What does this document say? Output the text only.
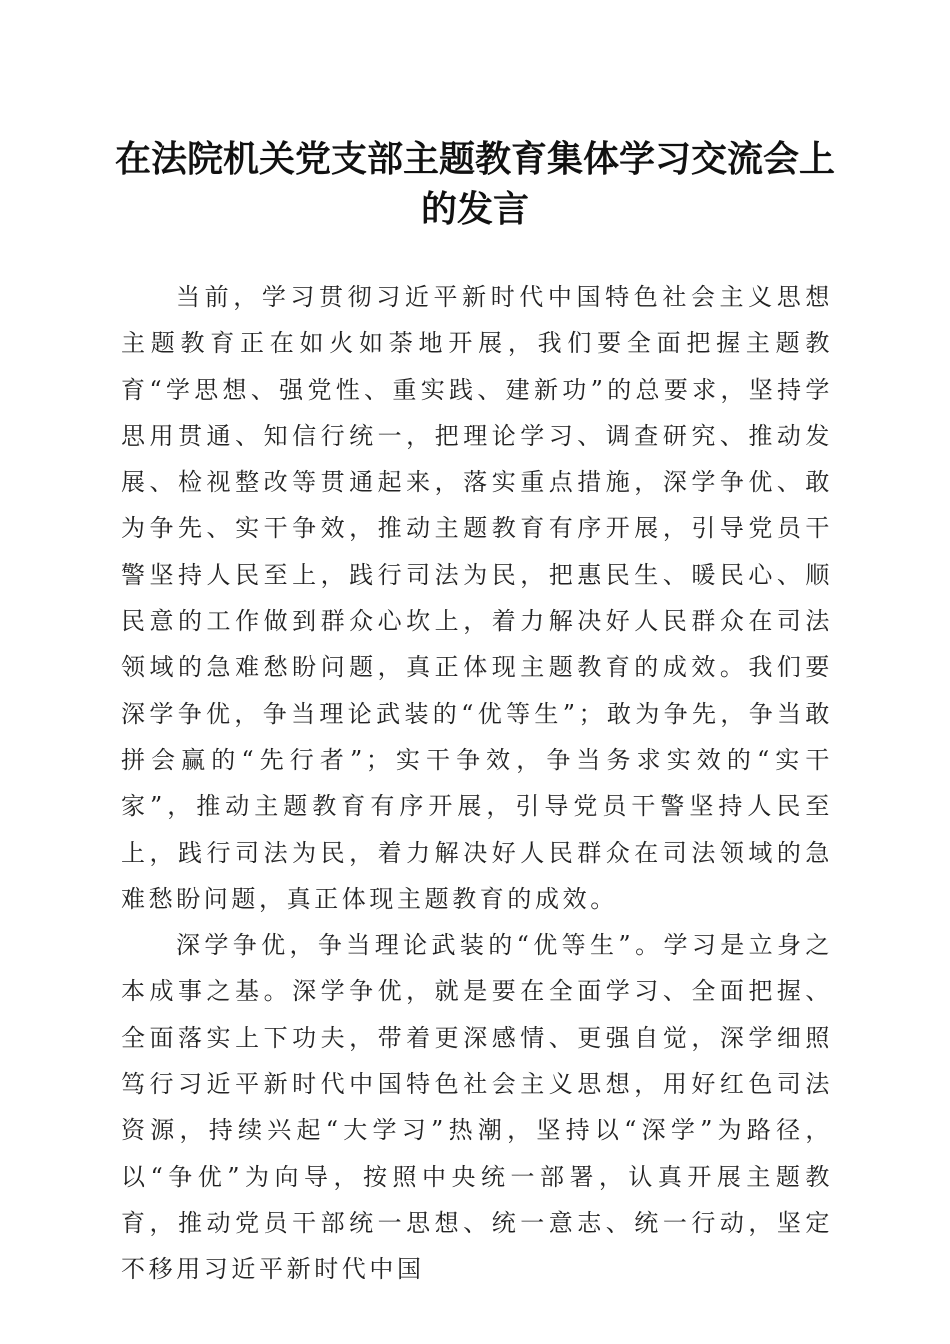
在法院机关党支部主题教育集体学习交流会上的发言

当前，学习贯彻习近平新时代中国特色社会主义思想主题教育正在如火如荼地开展，我们要全面把握主题教育“学思想、强党性、重实践、建新功”的总要求，坚持学思用贯通、知信行统一，把理论学习、调查研究、推动发展、检视整改等贯通起来，落实重点措施，深学争优、敢为争先、实干争效，推动主题教育有序开展，引导党员干警坚持人民至上，践行司法为民，把惠民生、暖民心、顺民意的工作做到群众心坎上，着力解决好人民群众在司法领域的急难愁盼问题，真正体现主题教育的成效。我们要深学争优，争当理论武装的“优等生”；敢为争先，争当敢拼会赢的“先行者”；实干争效，争当务求实效的“实干家”，推动主题教育有序开展，引导党员干警坚持人民至上，践行司法为民，着力解决好人民群众在司法领域的急难愁盼问题，真正体现主题教育的成效。

深学争优，争当理论武装的“优等生”。学习是立身之本成事之基。深学争优，就是要在全面学习、全面把握、全面落实上下功夫，带着更深感情、更强自觉，深学细照笃行习近平新时代中国特色社会主义思想，用好红色司法资源，持续兴起“大学习”热潮，坚持以“深学”为路径，以“争优”为向导，按照中央统一部署，认真开展主题教育，推动党员干部统一思想、统一意志、统一行动，坚定不移用习近平新时代中国
